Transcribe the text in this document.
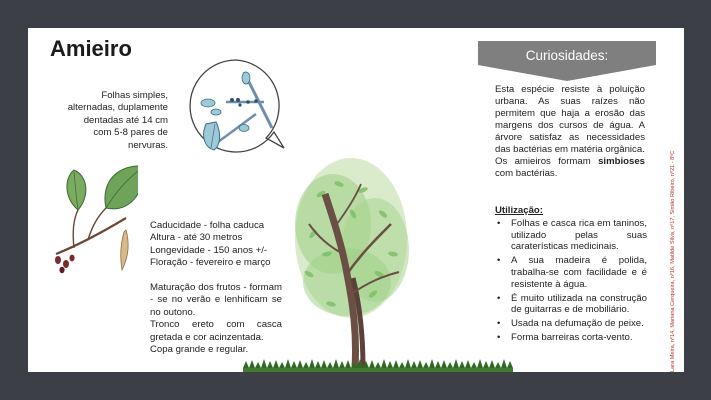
Amieiro
Folhas simples, alternadas, duplamente dentadas até 14 cm com 5-8 pares de nervuras.
Caducidade - folha caduca
Altura - até 30 metros
Longevidade - 150 anos +/-
Floração - fevereiro e março
Maturação dos frutos - formam - se no verão e lenhificam se no outono.
Tronco ereto com casca gretada e cor acinzentada.
Copa grande e regular.
Curiosidades:
Esta espécie resiste à poluição urbana. As suas raízes não permitem que haja a erosão das margens dos cursos de água. A árvore satisfaz as necessidades das bactérias em matéria orgânica.
Os amieiros formam simbioses com bactérias.
Utilização:
• Folhas e casca rica em taninos, utilizado pelas suas caraterísticas medicinais.
• A sua madeira é polida, trabalha-se com facilidade e é resistente à água.
• É muito utilizada na construção de guitarras e de mobiliário.
• Usada na defumação de peixe.
• Forma barreiras corta-vento.	Lara Meira, nº14, Mariana Cerqueira, nº16, Matilde Silva, nº17, Simão Ribeiro, nº21 - 8ºC
